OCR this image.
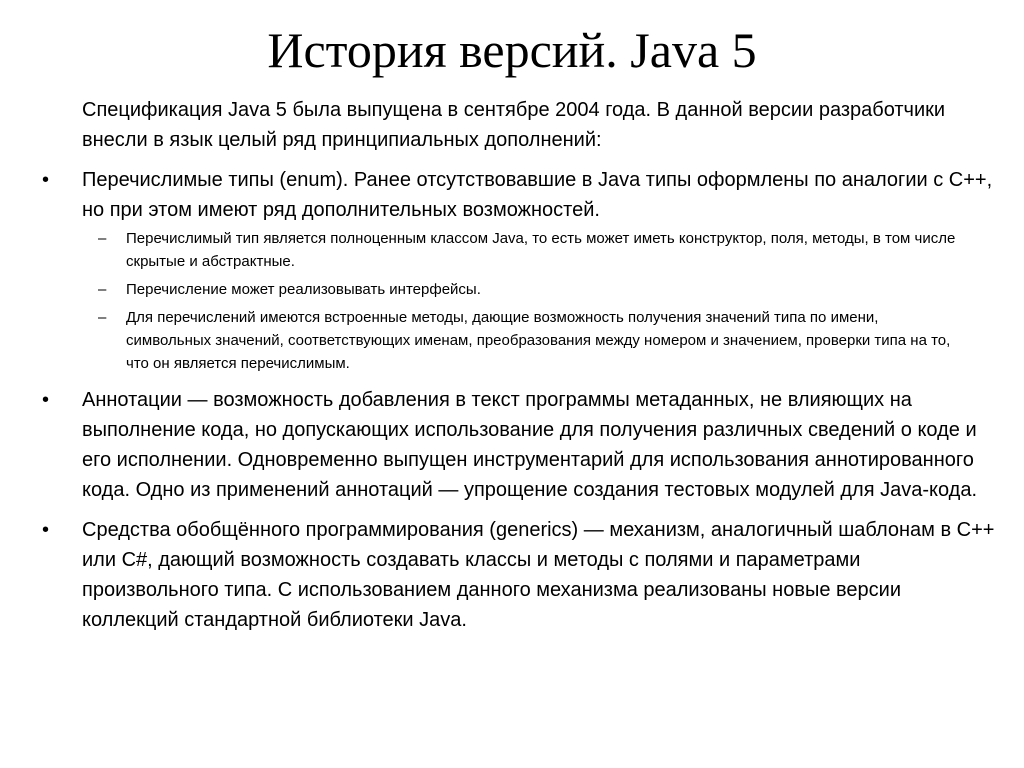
История версий. Java 5

Спецификация Java 5 была выпущена в сентябре 2004 года. В данной версии разработчики внесли в язык целый ряд принципиальных дополнений:

• Перечислимые типы (enum). Ранее отсутствовавшие в Java типы оформлены по аналогии с C++, но при этом имеют ряд дополнительных возможностей.
– Перечислимый тип является полноценным классом Java, то есть может иметь конструктор, поля, методы, в том числе скрытые и абстрактные.
– Перечисление может реализовывать интерфейсы.
– Для перечислений имеются встроенные методы, дающие возможность получения значений типа по имени, символьных значений, соответствующих именам, преобразования между номером и значением, проверки типа на то, что он является перечислимым.
• Аннотации — возможность добавления в текст программы метаданных, не влияющих на выполнение кода, но допускающих использование для получения различных сведений о коде и его исполнении. Одновременно выпущен инструментарий для использования аннотированного кода. Одно из применений аннотаций — упрощение создания тестовых модулей для Java-кода.
• Средства обобщённого программирования (generics) — механизм, аналогичный шаблонам в C++ или C#, дающий возможность создавать классы и методы с полями и параметрами произвольного типа. С использованием данного механизма реализованы новые версии коллекций стандартной библиотеки Java.
